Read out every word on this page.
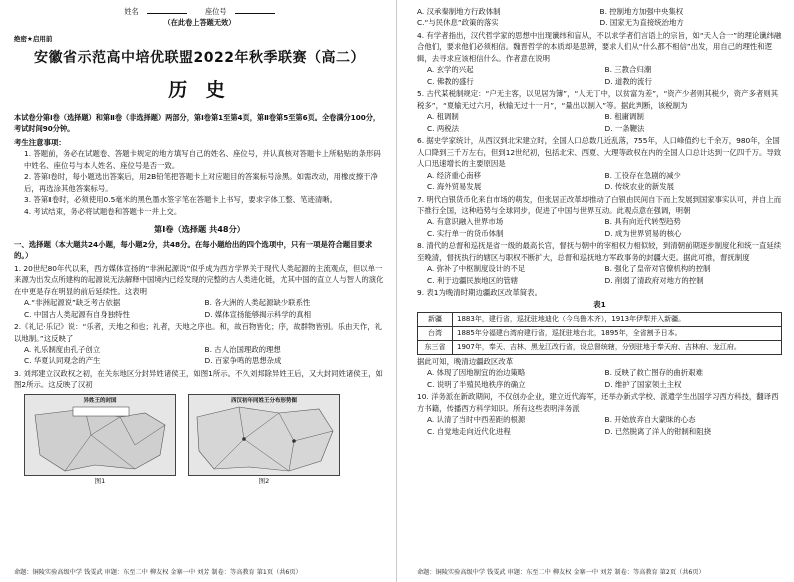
姓名	座位号
（在此卷上答题无效）
绝密★启用前
安徽省示范高中培优联盟2022年秋季联赛（高二）
历 史
本试卷分第Ⅰ卷（选择题）和第Ⅱ卷（非选择题）两部分，第Ⅰ卷第1至第4页，第Ⅱ卷第5至第6页。全卷满分100分，考试时间90分钟。
考生注意事项：
1. 答题前，务必在试题卷、答题卡规定的地方填写自己的姓名、座位号，并认真核对答题卡上所粘贴的条形码中姓名、座位号与本人姓名、座位号是否一致。
2. 答第Ⅰ卷时，每小题选出答案后，用2B铅笔把答题卡上对应题目的答案标号涂黑。如需改动，用橡皮擦干净后，再选涂其他答案标号。
3. 答第Ⅱ卷时，必须使用0.5毫米的黑色墨水签字笔在答题卡上书写，要求字体工整、笔迹清晰。
4. 考试结束，务必将试题卷和答题卡一并上交。
第Ⅰ卷（选择题 共48分）
一、选择题（本大题共24小题，每小题2分，共48分。在每小题给出的四个选项中，只有一项是符合题目要求的。）
1. 20世纪80年代以来，西方媒体宣扬的“非洲起源说”似乎成为西方学界关于现代人类起源的主流观点，但以单一来源为出发点所建构的起源说无法解释中国境内已经发现的完整的古人类进化链，尤其中国的直立人与智人的演化在中更是存在明显的前后延续性。这表明
A.“非洲起源说”缺乏考古依据	B. 各大洲的人类起源缺少联系性
C. 中国古人类起源有自身独特性	D. 媒体宣扬能够揭示科学的真相
2.《礼记·乐记》说：“乐者，天地之和也；礼者，天地之序也。和，故百物皆化；序，故群物皆别。乐由天作，礼以地制。”这反映了
A. 礼乐制度由孔子创立	B. 古人治国理政的理想
C. 华夏认同观念的产生	D. 百家争鸣的思想杂成
3. 刘邦建立汉政权之初，在关东地区分封异姓诸侯王，如图1所示。不久刘邦除异姓王后，又大封同姓诸侯王，如图2所示。这反映了汉初
异姓王的封国	西汉初年同姓王分布形势图
图1	图2
命题：铜陵实验高级中学 钱雯武 审题：东至二中 柳友权 金寨一中 刘芳 制卷：等高教育 第1页（共6页）
A. 汉承秦制地方行政体制	B. 控制地方加强中央集权
C.“与民休息”政策的落实	D. 国家无为直接统治地方
4. 有学者指出，汉代哲学家的思想中出现谶纬和盲从，不以求学者们言语上的宗旨，如“天人合一”的理论谶纬融合他们，要求他们必须相信。魏晋哲学的本质却是思辨，要求人们从“什么都不相信”出发，用自己的理性和逻辑，去寻求应该相信什么。作者意在说明
A. 玄学的兴起	B. 三教合归潮
C. 佛教的盛行	D. 道教的流行
5. 古代某税制规定：“户无主客，以见居为簿”，“人无丁中，以贫富为差”，“资产少者则其税少，资产多者则其税多”，“夏输无过六月，秋输无过十一月”，“量出以制入”等。据此判断，该税制为
A. 租调制	B. 租庸调制
C. 两税法	D. 一条鞭法
6. 据史学家统计，从西汉到北宋建立时，全国人口总数几近乱落，755年，人口峰值约七千余万，980年，全国人口降到三千万左右，但到12世纪初，包括北宋、西夏、大理等政权在内的全国人口总计达到一亿四千万。导致人口迅速增长的主要原因是
A. 经济重心南移	B. 工役存在急剧的减少
C. 海外贸易发展	D. 传统农业的新发展
7. 明代白银货币化来自市场的萌发，但张居正改革却推动了白银由民间自下而上发展到国家事实认可，并自上而下推行全国，这种趋势与全球同步，促进了中国与世界互动。此观点意在强调，明朝
A. 有意识融入世界市场	B. 具有向近代转型趋势
C. 实行单一的货币体制	D. 成为世界贸易的核心
8. 清代的总督和巡抚是省一级的最高长官，督抚与朝中的宰相权力相似较，到清朝前期逐步制度化和统一直延续至晚清，督抚执行的辖区与职权不断扩大，总督和巡抚地方军政事务的封疆大吏。据此可推，督抚制度
A. 弥补了中枢制度设计的不足	B. 强化了皇帝对官僚机构的控制
C. 利于边疆民族地区的管辖	D. 削弱了清政府对地方的控制
9. 表1为晚清时期边疆政区改革简表。
表1
新疆	1883年，建行省，巡抚驻地迪化（今乌鲁木齐），1913年伊犁并入新疆。
台湾	1885年分福建台湾府建行省，巡抚驻地台北，1895年，全省割予日本。
东三省	1907年，奉天、吉林、黑龙江改行省，设总督统辖，分别驻地于奉天府、吉林府、龙江府。
据此可知，晚清边疆政区改革
A. 体现了因地制宜的治边策略	B. 反映了救亡图存的曲折艰难
C. 说明了半殖民地秩序的确立	D. 维护了国家领土主权
10. 洋务派在新政期间，不仅创办企业，建立近代海军，还举办新式学校、派遣学生出国学习西方科技，翻译西方书籍，传播西方科学知识。所有这些表明洋务派
A. 认清了当时中西差距的根源	B. 开始放弃自大蒙昧的心态
C. 自觉地走向近代化进程	D. 已然脱离了洋人的钳制和阻挠
命题：铜陵实验高级中学 钱雯武 审题：东至二中 柳友权 金寨一中 刘芳 制卷：等高教育 第2页（共6页）
